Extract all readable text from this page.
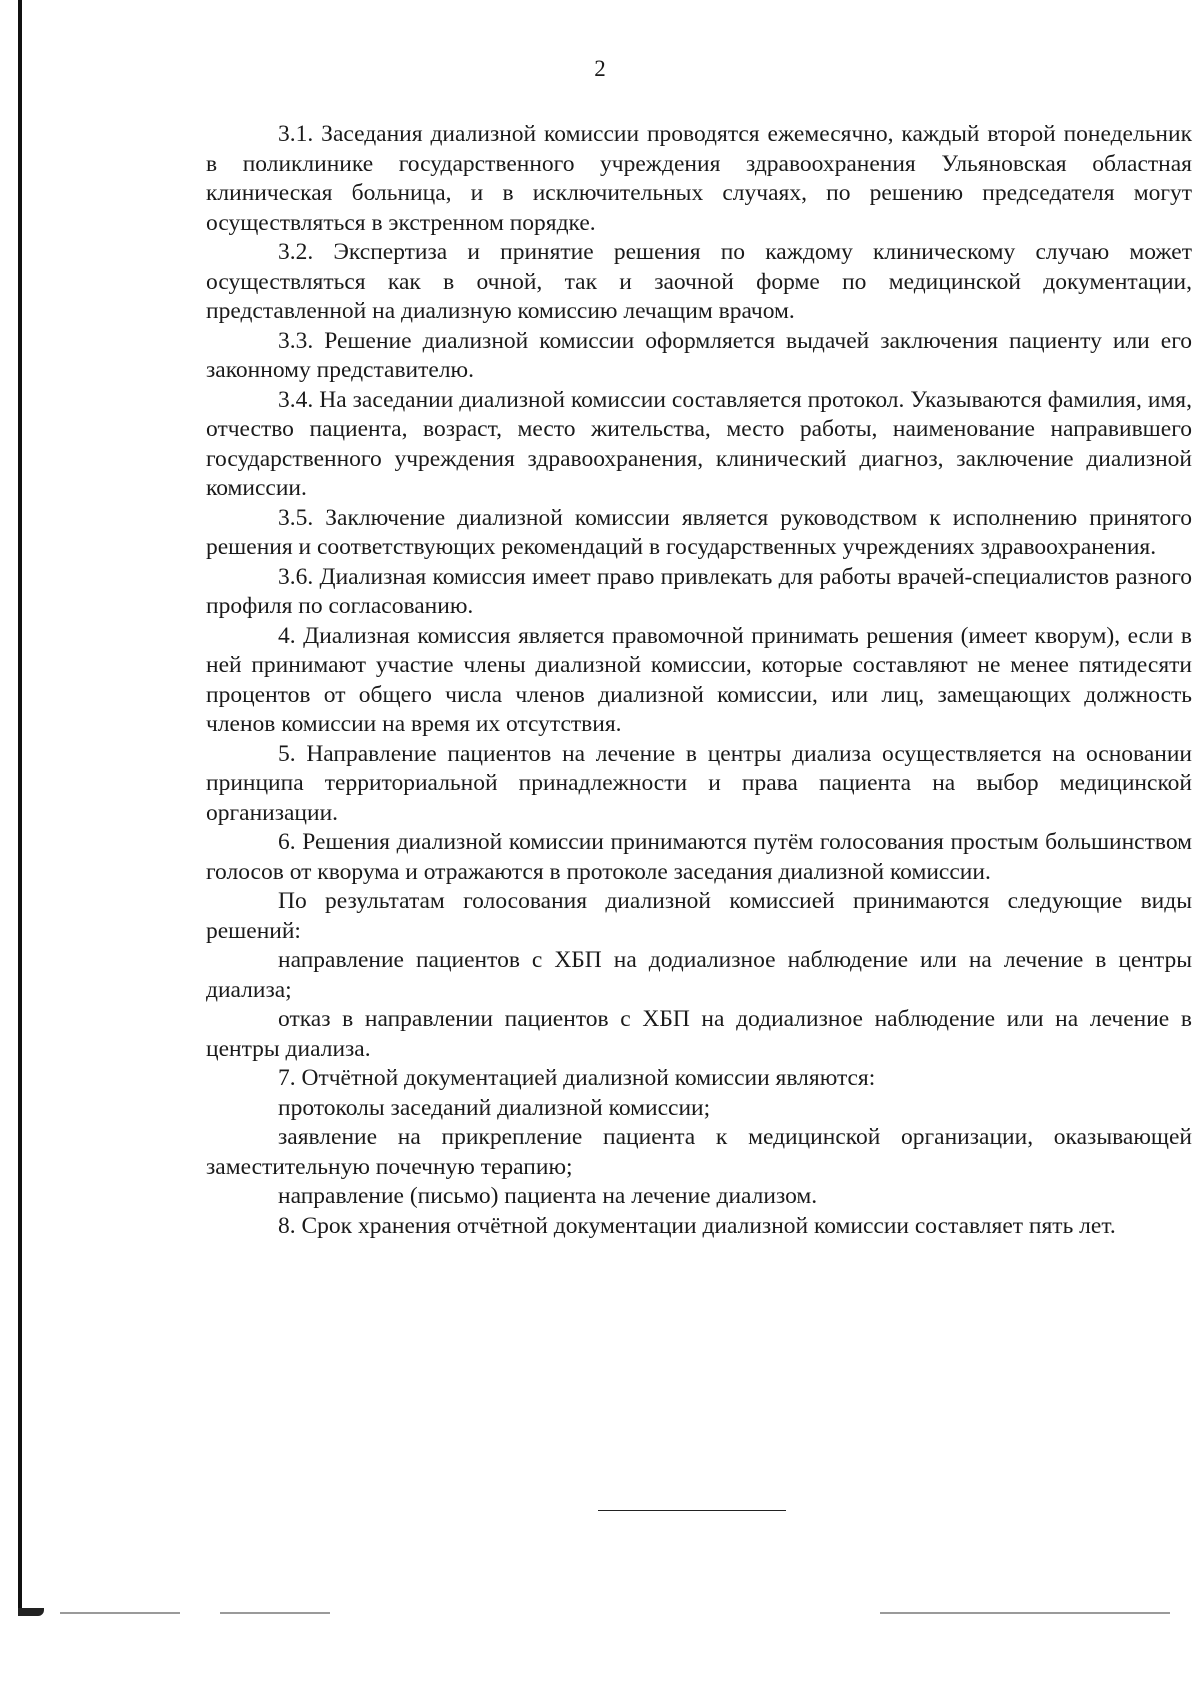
2

3.1. Заседания диализной комиссии проводятся ежемесячно, каждый второй понедельник в поликлинике государственного учреждения здравоохранения Ульяновская областная клиническая больница, и в исключительных случаях, по решению председателя могут осуществляться в экстренном порядке.

3.2. Экспертиза и принятие решения по каждому клиническому случаю может осуществляться как в очной, так и заочной форме по медицинской документации, представленной на диализную комиссию лечащим врачом.

3.3. Решение диализной комиссии оформляется выдачей заключения пациенту или его законному представителю.

3.4. На заседании диализной комиссии составляется протокол. Указываются фамилия, имя, отчество пациента, возраст, место жительства, место работы, наименование направившего государственного учреждения здравоохранения, клинический диагноз, заключение диализной комиссии.

3.5. Заключение диализной комиссии является руководством к исполнению принятого решения и соответствующих рекомендаций в государственных учреждениях здравоохранения.

3.6. Диализная комиссия имеет право привлекать для работы врачей-специалистов разного профиля по согласованию.

4. Диализная комиссия является правомочной принимать решения (имеет кворум), если в ней принимают участие члены диализной комиссии, которые составляют не менее пятидесяти процентов от общего числа членов диализной комиссии, или лиц, замещающих должность членов комиссии на время их отсутствия.

5. Направление пациентов на лечение в центры диализа осуществляется на основании принципа территориальной принадлежности и права пациента на выбор медицинской организации.

6. Решения диализной комиссии принимаются путём голосования простым большинством голосов от кворума и отражаются в протоколе заседания диализной комиссии.

По результатам голосования диализной комиссией принимаются следующие виды решений:

направление пациентов с ХБП на додиализное наблюдение или на лечение в центры диализа;

отказ в направлении пациентов с ХБП на додиализное наблюдение или на лечение в центры диализа.

7. Отчётной документацией диализной комиссии являются:

протоколы заседаний диализной комиссии;

заявление на прикрепление пациента к медицинской организации, оказывающей заместительную почечную терапию;

направление (письмо) пациента на лечение диализом.

8. Срок хранения отчётной документации диализной комиссии составляет пять лет.
